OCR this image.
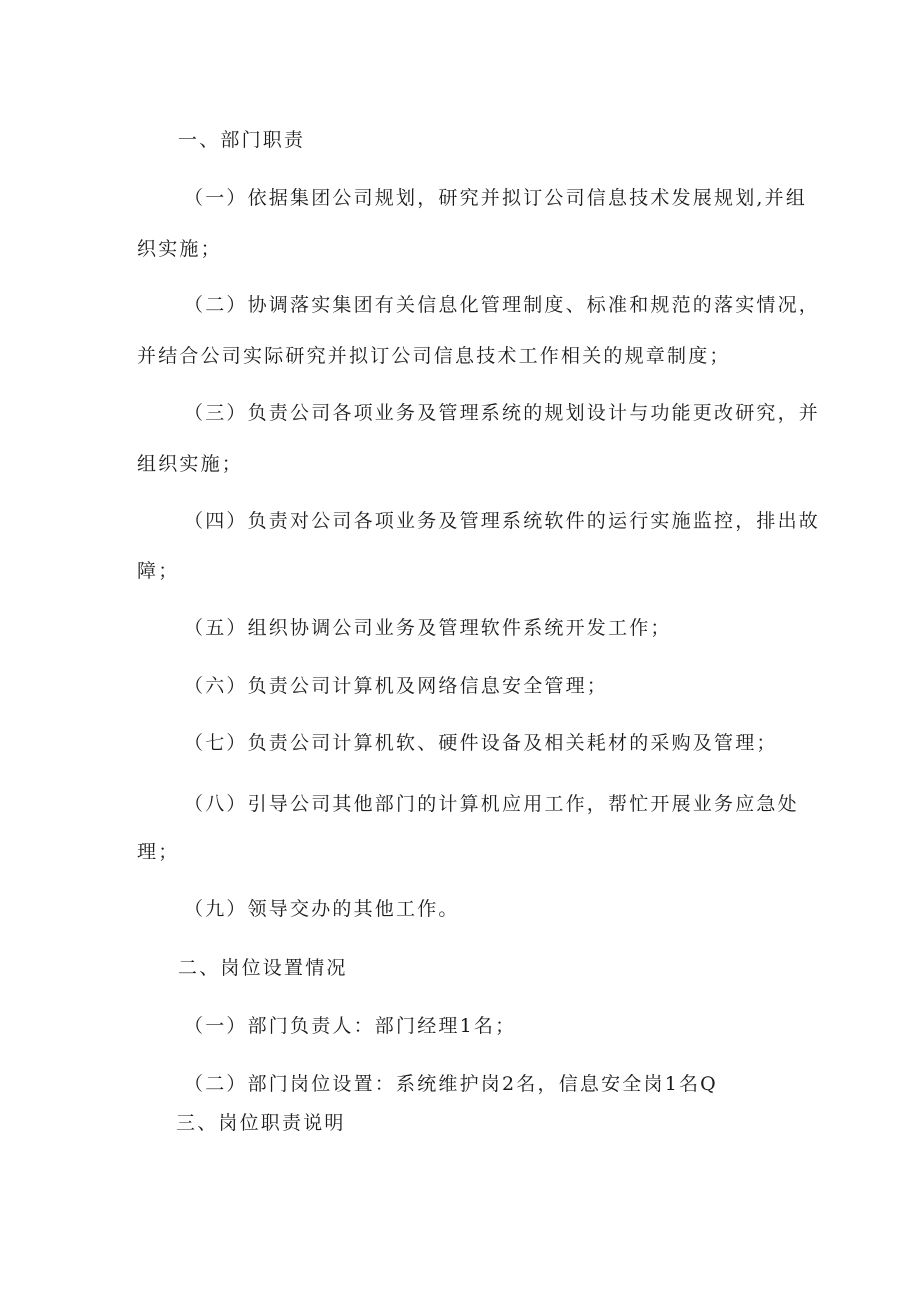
一、部门职责
（一）依据集团公司规划，研究并拟订公司信息技术发展规划,并组
织实施；
（二）协调落实集团有关信息化管理制度、标准和规范的落实情况，
并结合公司实际研究并拟订公司信息技术工作相关的规章制度；
（三）负责公司各项业务及管理系统的规划设计与功能更改研究，并
组织实施；
（四）负责对公司各项业务及管理系统软件的运行实施监控，排出故
障；
（五）组织协调公司业务及管理软件系统开发工作；
（六）负责公司计算机及网络信息安全管理；
（七）负责公司计算机软、硬件设备及相关耗材的采购及管理；
（八）引导公司其他部门的计算机应用工作，帮忙开展业务应急处
理；
（九）领导交办的其他工作。
二、岗位设置情况
（一）部门负责人：部门经理1名；
（二）部门岗位设置：系统维护岗2名，信息安全岗1名Q
三、岗位职责说明
